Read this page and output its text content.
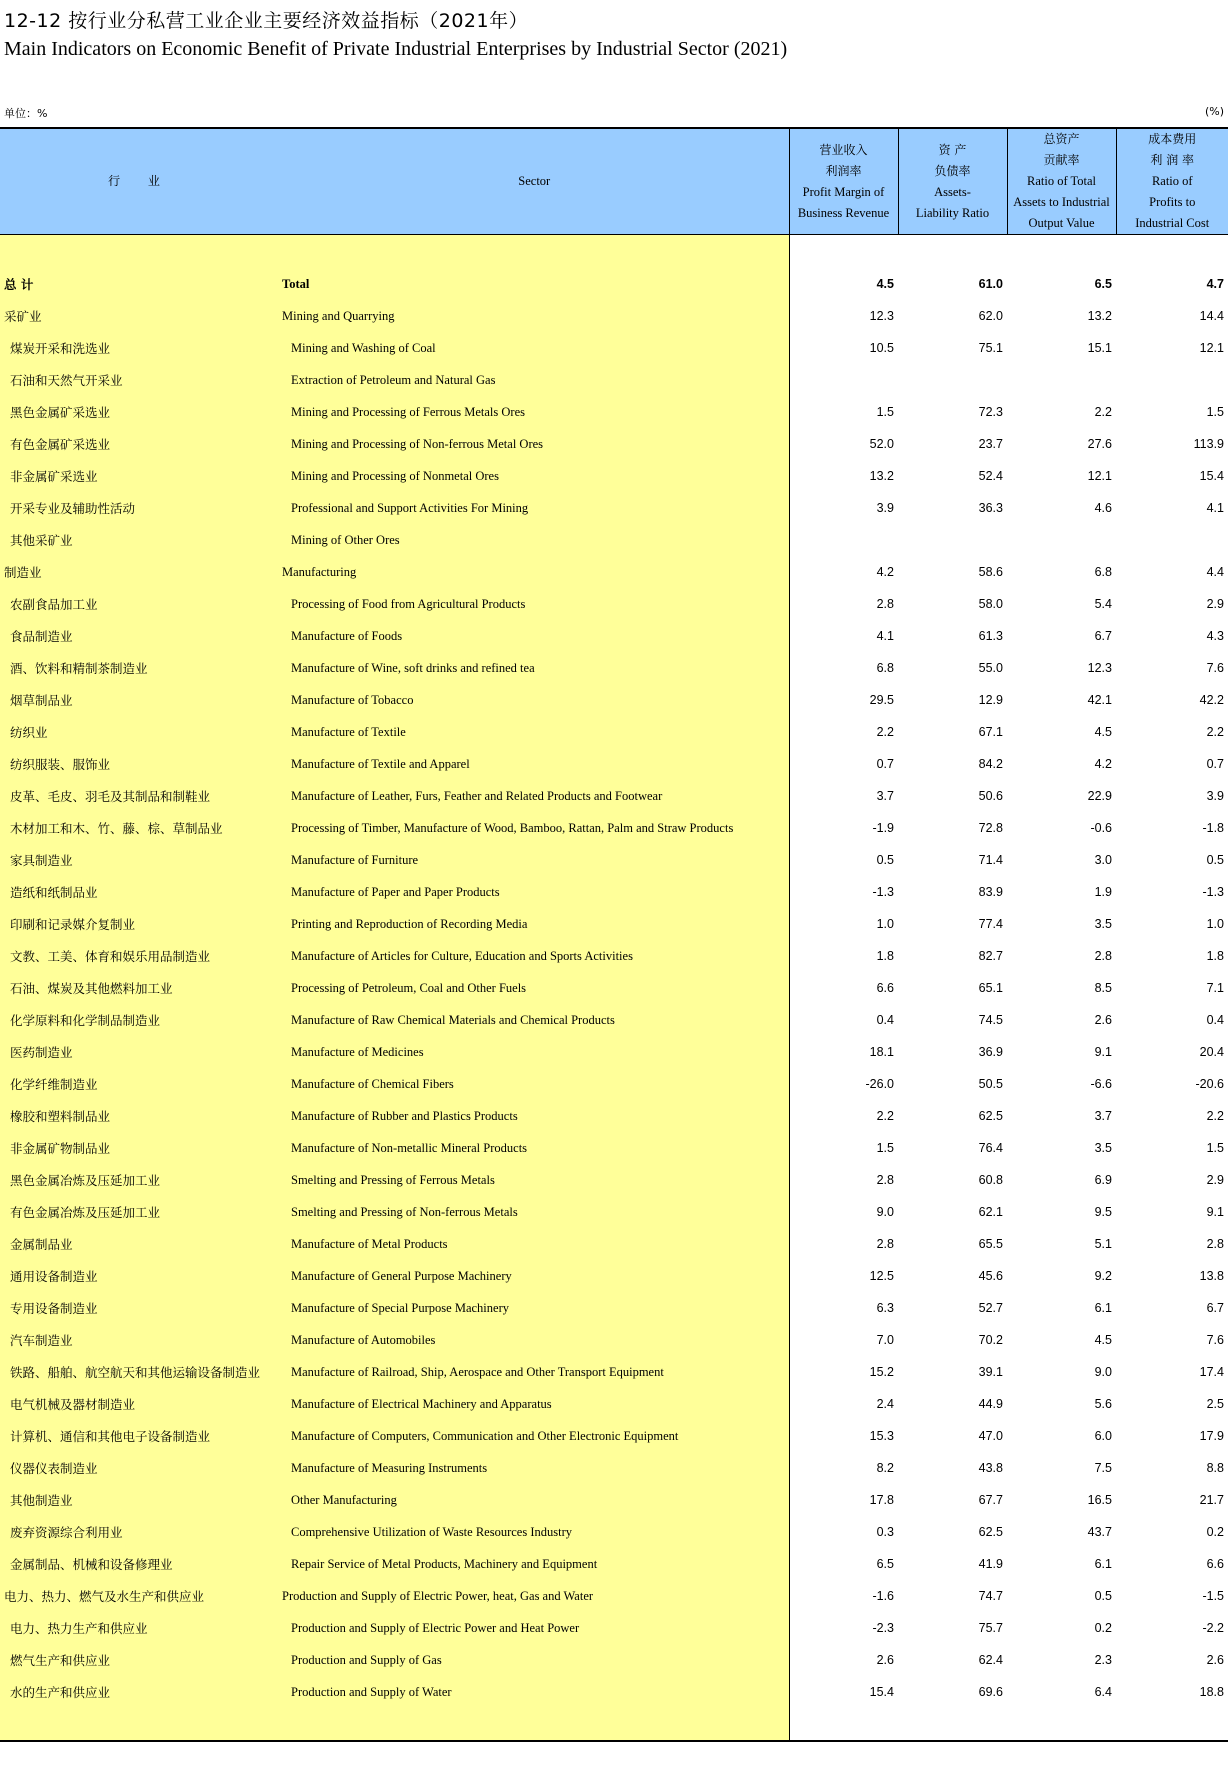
12-12 按行业分私营工业企业主要经济效益指标（2021年）
Main Indicators on Economic Benefit of Private Industrial Enterprises by Industrial Sector (2021)
单位：%	(%)
行 业	Sector	营业收入
利润率
Profit Margin of
Business Revenue	资 产
负债率
Assets-
Liability Ratio	总资产
贡献率
Ratio of Total
Assets to Industrial
Output Value	成本费用
利 润 率
Ratio of
Profits to
Industrial Cost

总 计	Total	4.5	61.0	6.5	4.7
采矿业	Mining and Quarrying	12.3	62.0	13.2	14.4
煤炭开采和洗选业	Mining and Washing of Coal	10.5	75.1	15.1	12.1
石油和天然气开采业	Extraction of Petroleum and Natural Gas				
黑色金属矿采选业	Mining and Processing of Ferrous Metals Ores	1.5	72.3	2.2	1.5
有色金属矿采选业	Mining and Processing of Non-ferrous Metal Ores	52.0	23.7	27.6	113.9
非金属矿采选业	Mining and Processing of Nonmetal Ores	13.2	52.4	12.1	15.4
开采专业及辅助性活动	Professional and Support Activities For Mining	3.9	36.3	4.6	4.1
其他采矿业	Mining of Other Ores				
制造业	Manufacturing	4.2	58.6	6.8	4.4
农副食品加工业	Processing of Food from Agricultural Products	2.8	58.0	5.4	2.9
食品制造业	Manufacture of Foods	4.1	61.3	6.7	4.3
酒、饮料和精制茶制造业	Manufacture of Wine, soft drinks and refined tea	6.8	55.0	12.3	7.6
烟草制品业	Manufacture of Tobacco	29.5	12.9	42.1	42.2
纺织业	Manufacture of Textile	2.2	67.1	4.5	2.2
纺织服装、服饰业	Manufacture of Textile and Apparel	0.7	84.2	4.2	0.7
皮革、毛皮、羽毛及其制品和制鞋业	Manufacture of Leather, Furs, Feather and Related Products and Footwear	3.7	50.6	22.9	3.9
木材加工和木、竹、藤、棕、草制品业	Processing of Timber, Manufacture of Wood, Bamboo, Rattan, Palm and Straw Products	-1.9	72.8	-0.6	-1.8
家具制造业	Manufacture of Furniture	0.5	71.4	3.0	0.5
造纸和纸制品业	Manufacture of Paper and Paper Products	-1.3	83.9	1.9	-1.3
印刷和记录媒介复制业	Printing and Reproduction of Recording Media	1.0	77.4	3.5	1.0
文教、工美、体育和娱乐用品制造业	Manufacture of Articles for Culture, Education and Sports Activities	1.8	82.7	2.8	1.8
石油、煤炭及其他燃料加工业	Processing of Petroleum, Coal and Other Fuels	6.6	65.1	8.5	7.1
化学原料和化学制品制造业	Manufacture of Raw Chemical Materials and Chemical Products	0.4	74.5	2.6	0.4
医药制造业	Manufacture of Medicines	18.1	36.9	9.1	20.4
化学纤维制造业	Manufacture of Chemical Fibers	-26.0	50.5	-6.6	-20.6
橡胶和塑料制品业	Manufacture of Rubber and Plastics Products	2.2	62.5	3.7	2.2
非金属矿物制品业	Manufacture of Non-metallic Mineral Products	1.5	76.4	3.5	1.5
黑色金属冶炼及压延加工业	Smelting and Pressing of Ferrous Metals	2.8	60.8	6.9	2.9
有色金属冶炼及压延加工业	Smelting and Pressing of Non-ferrous Metals	9.0	62.1	9.5	9.1
金属制品业	Manufacture of Metal Products	2.8	65.5	5.1	2.8
通用设备制造业	Manufacture of General Purpose Machinery	12.5	45.6	9.2	13.8
专用设备制造业	Manufacture of Special Purpose Machinery	6.3	52.7	6.1	6.7
汽车制造业	Manufacture of Automobiles	7.0	70.2	4.5	7.6
铁路、船舶、航空航天和其他运输设备制造业	Manufacture of Railroad, Ship, Aerospace and Other Transport Equipment	15.2	39.1	9.0	17.4
电气机械及器材制造业	Manufacture of Electrical Machinery and Apparatus	2.4	44.9	5.6	2.5
计算机、通信和其他电子设备制造业	Manufacture of Computers, Communication and Other Electronic Equipment	15.3	47.0	6.0	17.9
仪器仪表制造业	Manufacture of Measuring Instruments	8.2	43.8	7.5	8.8
其他制造业	Other Manufacturing	17.8	67.7	16.5	21.7
废弃资源综合利用业	Comprehensive Utilization of Waste Resources Industry	0.3	62.5	43.7	0.2
金属制品、机械和设备修理业	Repair Service of Metal Products, Machinery and Equipment	6.5	41.9	6.1	6.6
电力、热力、燃气及水生产和供应业	Production and Supply of Electric Power, heat, Gas and Water	-1.6	74.7	0.5	-1.5
电力、热力生产和供应业	Production and Supply of Electric Power and Heat Power	-2.3	75.7	0.2	-2.2
燃气生产和供应业	Production and Supply of Gas	2.6	62.4	2.3	2.6
水的生产和供应业	Production and Supply of Water	15.4	69.6	6.4	18.8
